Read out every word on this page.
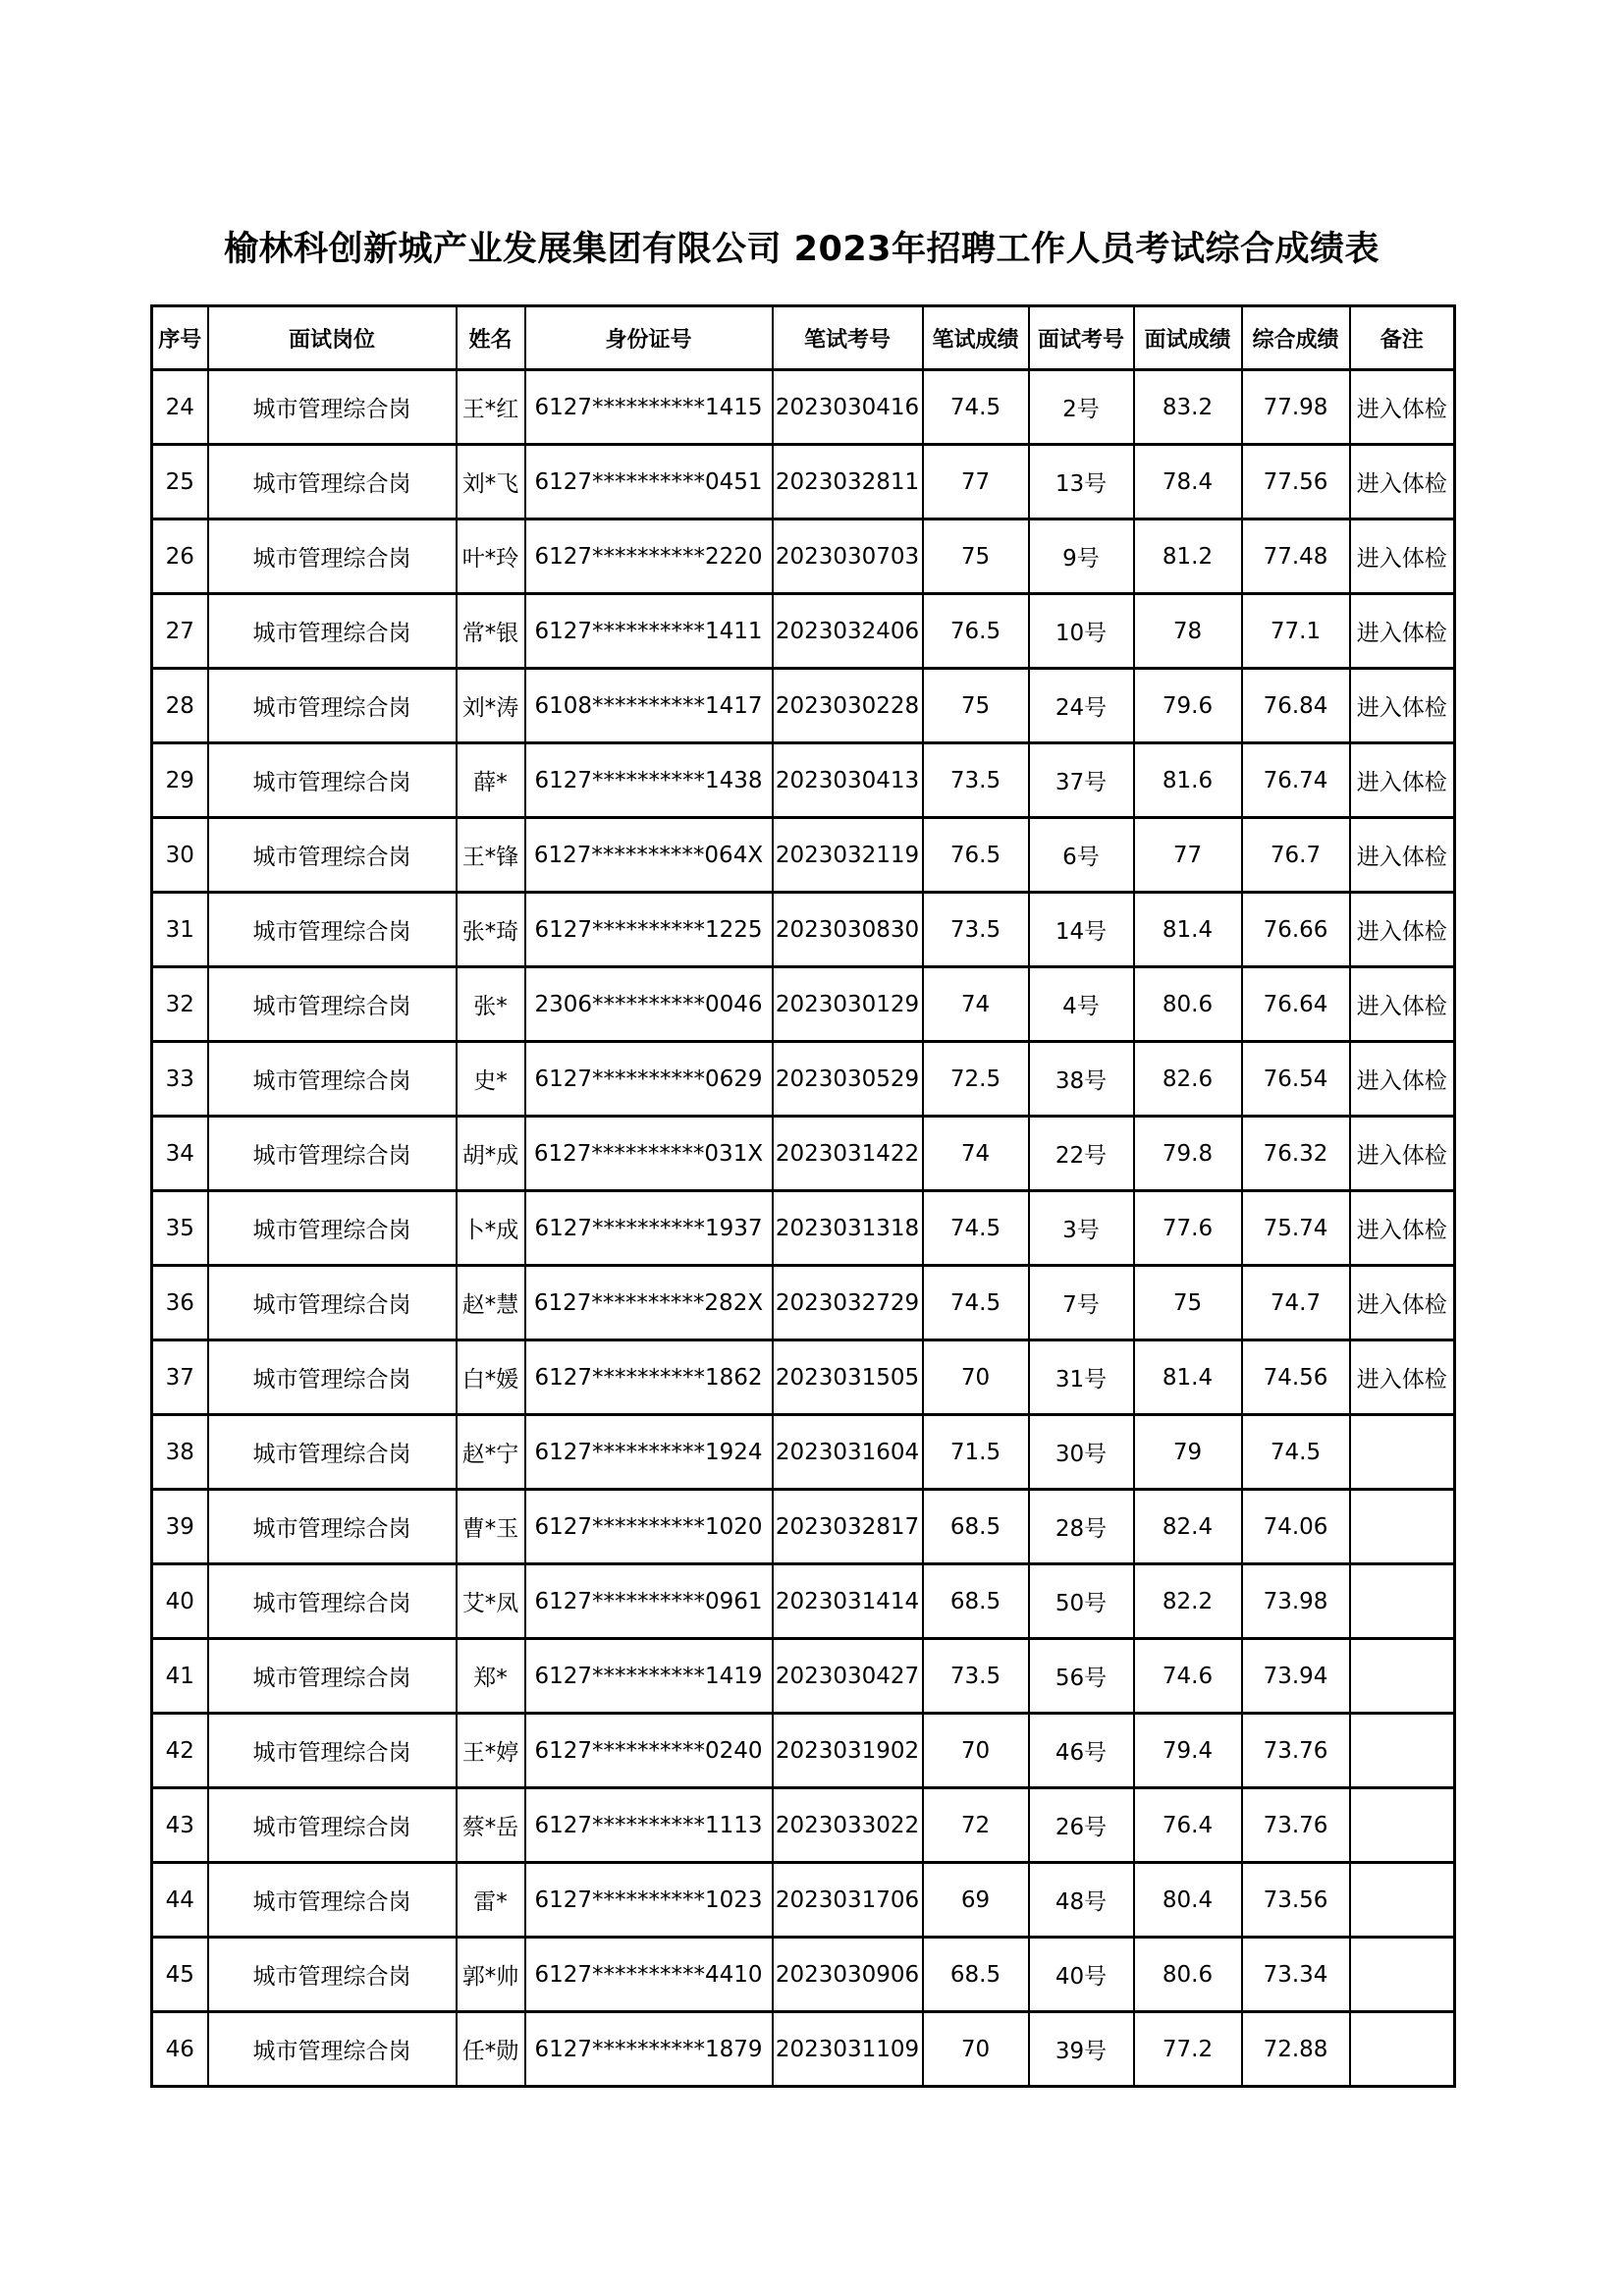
榆林科创新城产业发展集团有限公司 2023年招聘工作人员考试综合成绩表
序号	面试岗位	姓名	身份证号	笔试考号	笔试成绩	面试考号	面试成绩	综合成绩	备注
24	城市管理综合岗	王*红	6127**********1415	2023030416	74.5	2号	83.2	77.98	进入体检
25	城市管理综合岗	刘*飞	6127**********0451	2023032811	77	13号	78.4	77.56	进入体检
26	城市管理综合岗	叶*玲	6127**********2220	2023030703	75	9号	81.2	77.48	进入体检
27	城市管理综合岗	常*银	6127**********1411	2023032406	76.5	10号	78	77.1	进入体检
28	城市管理综合岗	刘*涛	6108**********1417	2023030228	75	24号	79.6	76.84	进入体检
29	城市管理综合岗	薛*	6127**********1438	2023030413	73.5	37号	81.6	76.74	进入体检
30	城市管理综合岗	王*锋	6127**********064X	2023032119	76.5	6号	77	76.7	进入体检
31	城市管理综合岗	张*琦	6127**********1225	2023030830	73.5	14号	81.4	76.66	进入体检
32	城市管理综合岗	张*	2306**********0046	2023030129	74	4号	80.6	76.64	进入体检
33	城市管理综合岗	史*	6127**********0629	2023030529	72.5	38号	82.6	76.54	进入体检
34	城市管理综合岗	胡*成	6127**********031X	2023031422	74	22号	79.8	76.32	进入体检
35	城市管理综合岗	卜*成	6127**********1937	2023031318	74.5	3号	77.6	75.74	进入体检
36	城市管理综合岗	赵*慧	6127**********282X	2023032729	74.5	7号	75	74.7	进入体检
37	城市管理综合岗	白*媛	6127**********1862	2023031505	70	31号	81.4	74.56	进入体检
38	城市管理综合岗	赵*宁	6127**********1924	2023031604	71.5	30号	79	74.5	
39	城市管理综合岗	曹*玉	6127**********1020	2023032817	68.5	28号	82.4	74.06	
40	城市管理综合岗	艾*凤	6127**********0961	2023031414	68.5	50号	82.2	73.98	
41	城市管理综合岗	郑*	6127**********1419	2023030427	73.5	56号	74.6	73.94	
42	城市管理综合岗	王*婷	6127**********0240	2023031902	70	46号	79.4	73.76	
43	城市管理综合岗	蔡*岳	6127**********1113	2023033022	72	26号	76.4	73.76	
44	城市管理综合岗	雷*	6127**********1023	2023031706	69	48号	80.4	73.56	
45	城市管理综合岗	郭*帅	6127**********4410	2023030906	68.5	40号	80.6	73.34	
46	城市管理综合岗	任*勋	6127**********1879	2023031109	70	39号	77.2	72.88	
